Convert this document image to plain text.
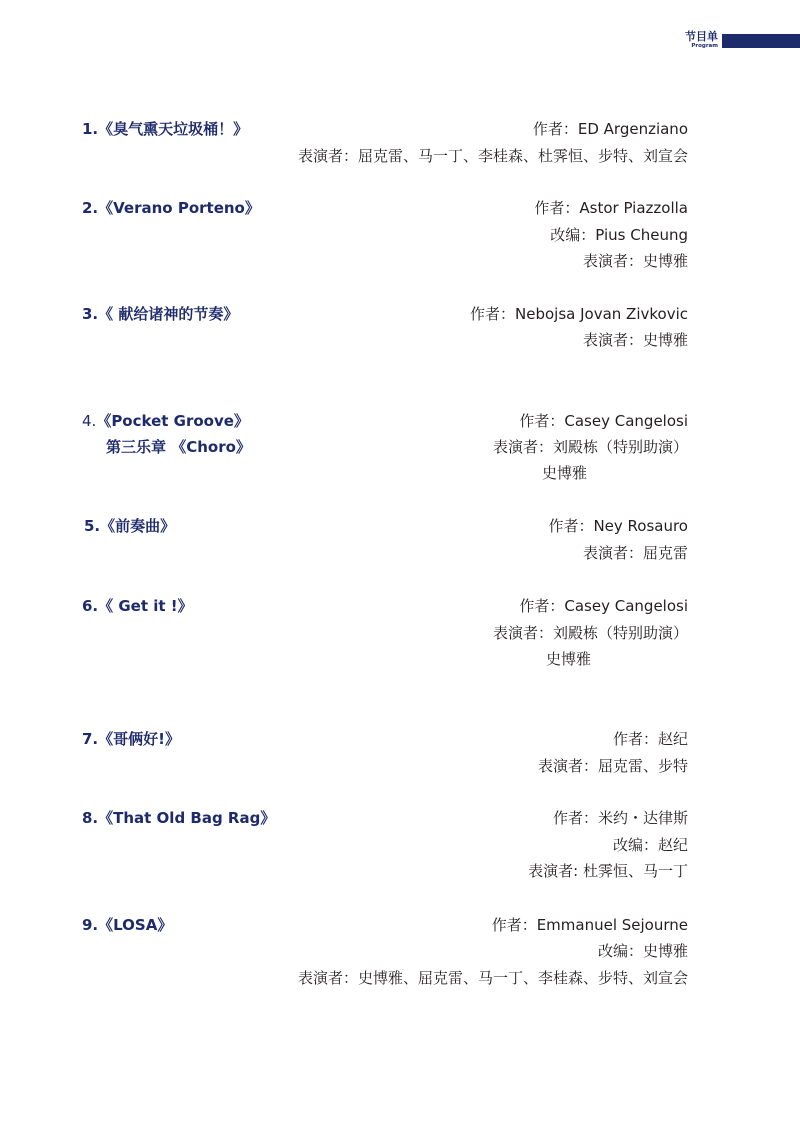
节目单
Program
1.《臭气熏天垃圾桶！》	作者：ED Argenziano
表演者：屈克雷、马一丁、李桂森、杜霁恒、步特、刘宣会
2.《Verano Porteno》	作者：Astor Piazzolla
改编：Pius Cheung
表演者：史博雅
3.《 献给诸神的节奏》	作者：Nebojsa Jovan Zivkovic
表演者：史博雅
4.《Pocket Groove》
第三乐章 《Choro》
作者：Casey Cangelosi
表演者：刘殿栋（特别助演）
史博雅
5.《前奏曲》	作者：Ney Rosauro
表演者：屈克雷
6.《 Get it !》	作者：Casey Cangelosi
表演者：刘殿栋（特别助演）
史博雅
7.《哥俩好!》	作者：赵纪
表演者：屈克雷、步特
8.《That Old Bag Rag》	作者：米约・达律斯
改编：赵纪
表演者: 杜霁恒、马一丁
9.《LOSA》	作者：Emmanuel Sejourne
改编：史博雅
表演者：史博雅、屈克雷、马一丁、李桂森、步特、刘宣会
